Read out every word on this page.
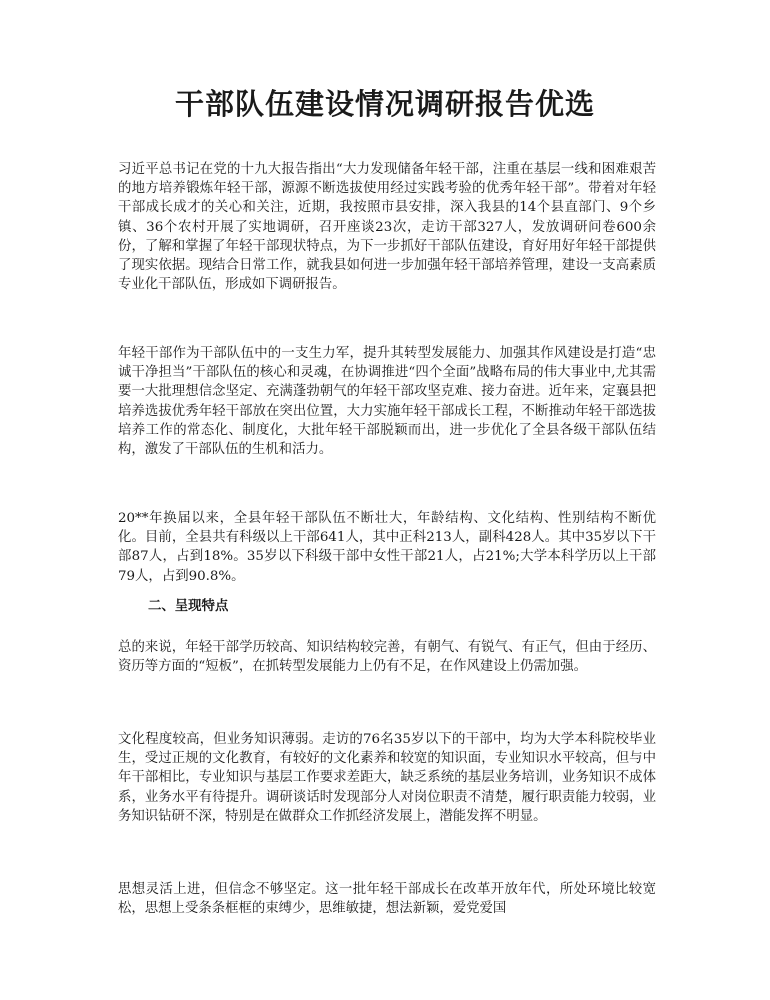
干部队伍建设情况调研报告优选

习近平总书记在党的十九大报告指出“大力发现储备年轻干部，注重在基层一线和困难艰苦的地方培养锻炼年轻干部，源源不断选拔使用经过实践考验的优秀年轻干部”。带着对年轻干部成长成才的关心和关注，近期，我按照市县安排，深入我县的14个县直部门、9个乡镇、36个农村开展了实地调研，召开座谈23次，走访干部327人，发放调研问卷600余份，了解和掌握了年轻干部现状特点，为下一步抓好干部队伍建设，育好用好年轻干部提供了现实依据。现结合日常工作，就我县如何进一步加强年轻干部培养管理，建设一支高素质专业化干部队伍，形成如下调研报告。

年轻干部作为干部队伍中的一支生力军，提升其转型发展能力、加强其作风建设是打造“忠诚干净担当”干部队伍的核心和灵魂，在协调推进“四个全面”战略布局的伟大事业中,尤其需要一大批理想信念坚定、充满蓬勃朝气的年轻干部攻坚克难、接力奋进。近年来，定襄县把培养选拔优秀年轻干部放在突出位置，大力实施年轻干部成长工程，不断推动年轻干部选拔培养工作的常态化、制度化，大批年轻干部脱颖而出，进一步优化了全县各级干部队伍结构，激发了干部队伍的生机和活力。

20**年换届以来，全县年轻干部队伍不断壮大，年龄结构、文化结构、性别结构不断优化。目前，全县共有科级以上干部641人，其中正科213人，副科428人。其中35岁以下干部87人，占到18%。35岁以下科级干部中女性干部21人，占21%;大学本科学历以上干部79人，占到90.8%。

二、呈现特点

总的来说，年轻干部学历较高、知识结构较完善，有朝气、有锐气、有正气，但由于经历、资历等方面的“短板”，在抓转型发展能力上仍有不足，在作风建设上仍需加强。

文化程度较高，但业务知识薄弱。走访的76名35岁以下的干部中，均为大学本科院校毕业生，受过正规的文化教育，有较好的文化素养和较宽的知识面，专业知识水平较高，但与中年干部相比，专业知识与基层工作要求差距大，缺乏系统的基层业务培训，业务知识不成体系，业务水平有待提升。调研谈话时发现部分人对岗位职责不清楚，履行职责能力较弱，业务知识钻研不深，特别是在做群众工作抓经济发展上，潜能发挥不明显。

思想灵活上进，但信念不够坚定。这一批年轻干部成长在改革开放年代，所处环境比较宽松，思想上受条条框框的束缚少，思维敏捷，想法新颖，爱党爱国
